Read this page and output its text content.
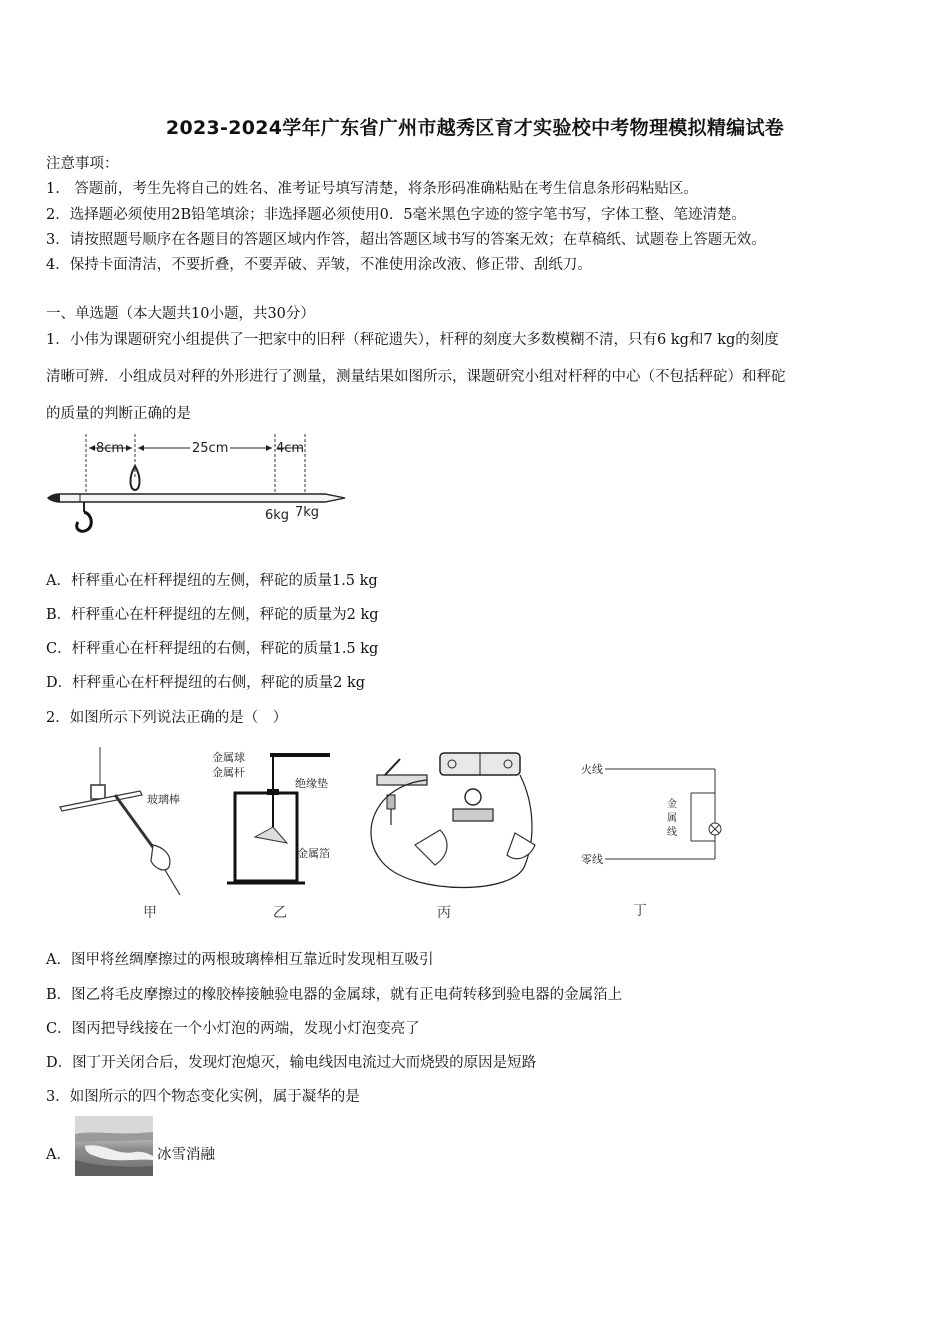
2023-2024学年广东省广州市越秀区育才实验校中考物理模拟精编试卷
注意事项：
1.　答题前，考生先将自己的姓名、准考证号填写清楚，将条形码准确粘贴在考生信息条形码粘贴区。
2．选择题必须使用2B铅笔填涂；非选择题必须使用0．5毫米黑色字迹的签字笔书写，字体工整、笔迹清楚。
3．请按照题号顺序在各题目的答题区域内作答，超出答题区域书写的答案无效；在草稿纸、试题卷上答题无效。
4．保持卡面清洁，不要折叠，不要弄破、弄皱，不准使用涂改液、修正带、刮纸刀。
一、单选题（本大题共10小题，共30分）
1．小伟为课题研究小组提供了一把家中的旧秤（秤砣遗失），杆秤的刻度大多数模糊不清，只有6 kg和7 kg的刻度
清晰可辨．小组成员对秤的外形进行了测量，测量结果如图所示，课题研究小组对杆秤的中心（不包括秤砣）和秤砣
的质量的判断正确的是
8cm	25cm	4cm
6kg 7kg
A．杆秤重心在杆秤提纽的左侧，秤砣的质量1.5 kg
B．杆秤重心在杆秤提纽的左侧，秤砣的质量为2 kg
C．杆秤重心在杆秤提纽的右侧，秤砣的质量1.5 kg
D．杆秤重心在杆秤提纽的右侧，秤砣的质量2 kg
2．如图所示下列说法正确的是（　）
玻璃棒
甲
金属球
金属杆
绝缘垫
金属箔
乙	丙
火线
零线
金
属
线
丁
A．图甲将丝绸摩擦过的两根玻璃棒相互靠近时发现相互吸引
B．图乙将毛皮摩擦过的橡胶棒接触验电器的金属球，就有正电荷转移到验电器的金属箔上
C．图丙把导线接在一个小灯泡的两端，发现小灯泡变亮了
D．图丁开关闭合后，发现灯泡熄灭，输电线因电流过大而烧毁的原因是短路
3．如图所示的四个物态变化实例，属于凝华的是
A．	冰雪消融
